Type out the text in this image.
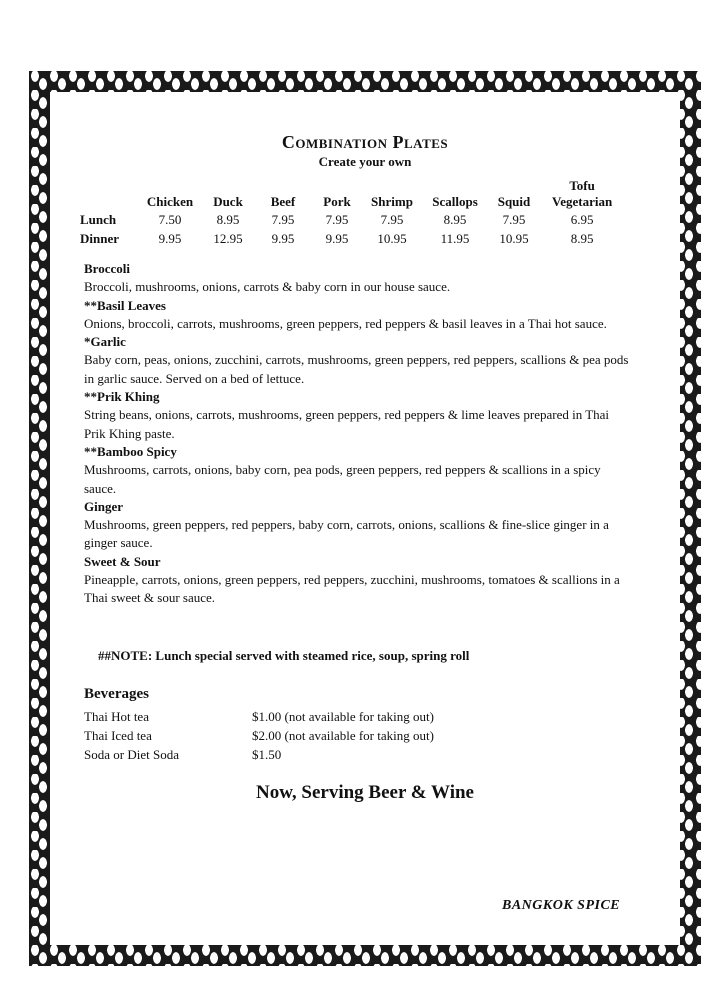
Combination Plates
Create your own
	Chicken	Duck	Beef	Pork	Shrimp	Scallops	Squid	Tofu Vegetarian
Lunch	7.50	8.95	7.95	7.95	7.95	8.95	7.95	6.95
Dinner	9.95	12.95	9.95	9.95	10.95	11.95	10.95	8.95
Broccoli
Broccoli, mushrooms, onions, carrots & baby corn in our house sauce.
**Basil Leaves
Onions, broccoli, carrots, mushrooms, green peppers, red peppers & basil leaves in a Thai hot sauce.
*Garlic
Baby corn, peas, onions, zucchini, carrots, mushrooms, green peppers, red peppers, scallions & pea pods in garlic sauce. Served on a bed of lettuce.
**Prik Khing
String beans, onions, carrots, mushrooms, green peppers, red peppers & lime leaves prepared in Thai Prik Khing paste.
**Bamboo Spicy
Mushrooms, carrots, onions, baby corn, pea pods, green peppers, red peppers & scallions in a spicy sauce.
Ginger
Mushrooms, green peppers, red peppers, baby corn, carrots, onions, scallions & fine-slice ginger in a ginger sauce.
Sweet & Sour
Pineapple, carrots, onions, green peppers, red peppers, zucchini, mushrooms, tomatoes & scallions in a Thai sweet & sour sauce.
##NOTE: Lunch special served with steamed rice, soup, spring roll
Beverages
Thai Hot tea	$1.00 (not available for taking out)
Thai Iced tea	$2.00 (not available for taking out)
Soda or Diet Soda	$1.50
Now, Serving Beer & Wine
BANGKOK SPICE
